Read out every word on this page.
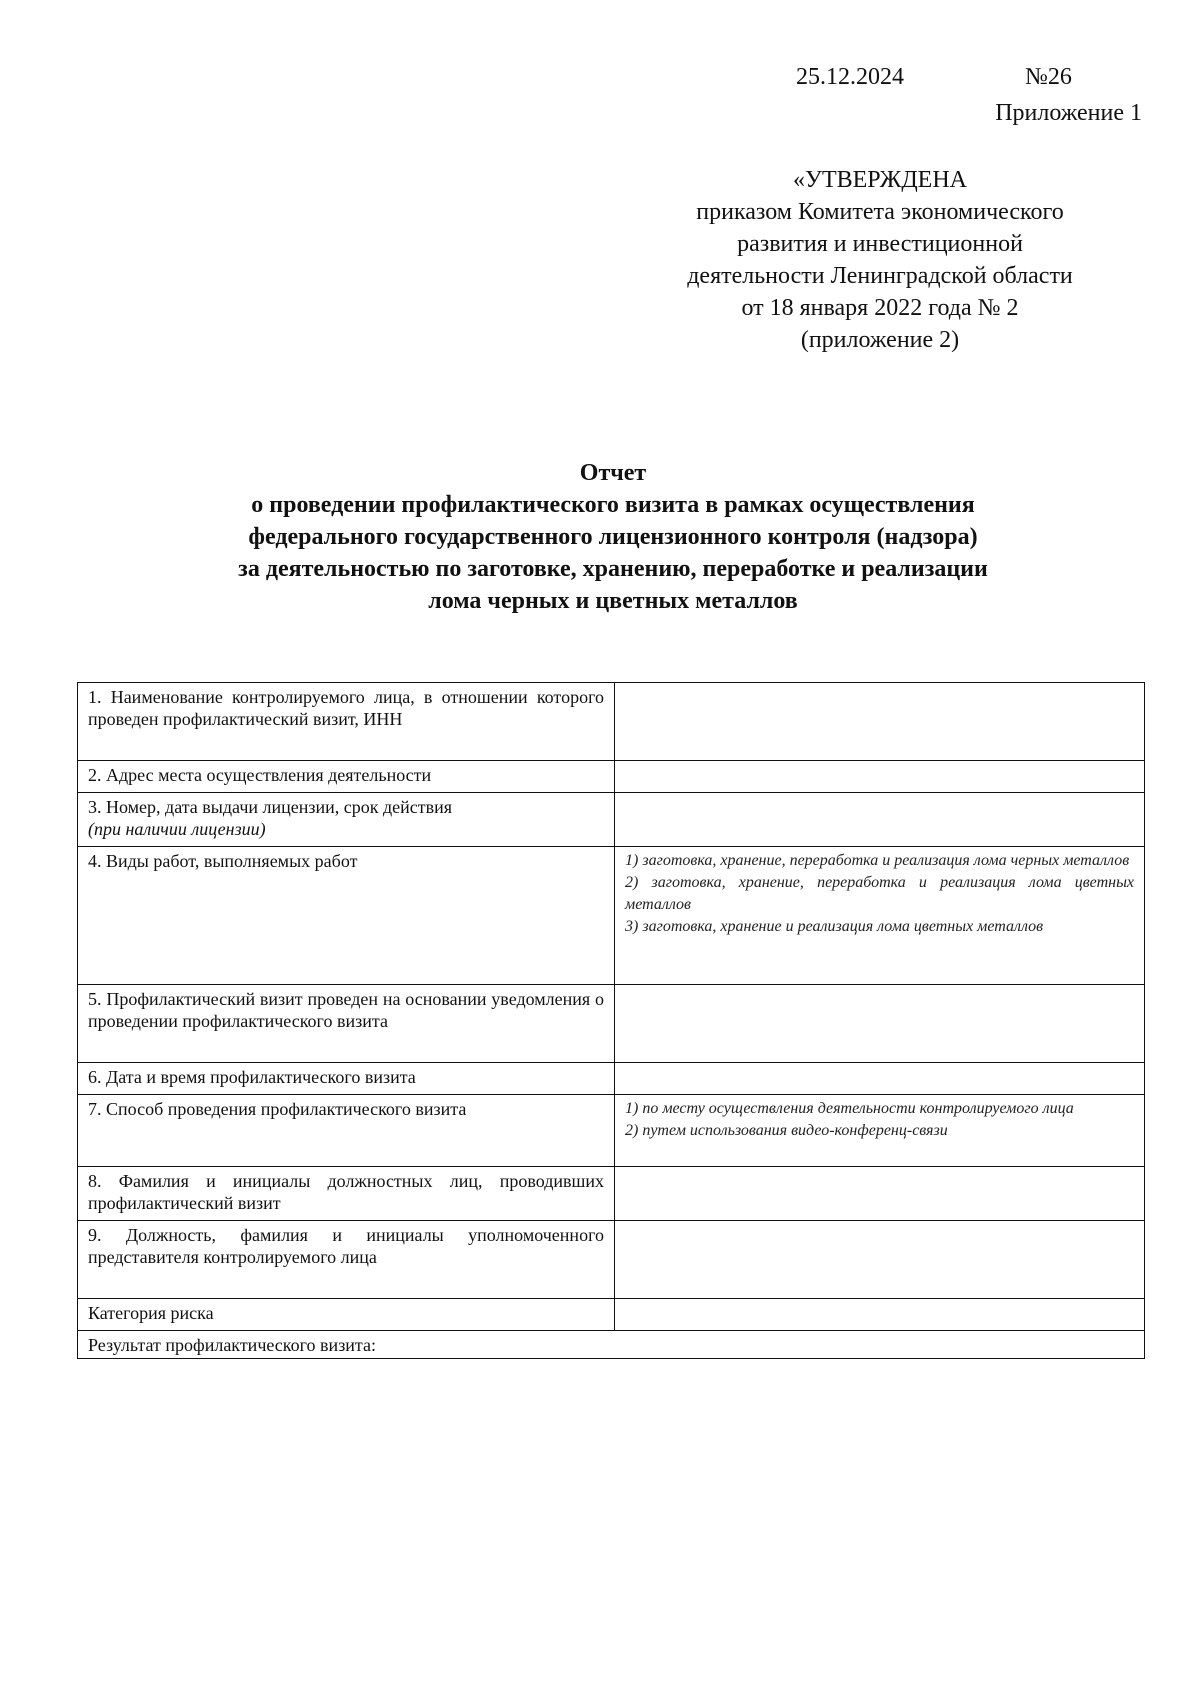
25.12.2024	№26
Приложение 1
«УТВЕРЖДЕНА
приказом Комитета экономического
развития и инвестиционной
деятельности Ленинградской области
от 18 января 2022 года № 2
(приложение 2)
Отчет
о проведении профилактического визита в рамках осуществления
федерального государственного лицензионного контроля (надзора)
за деятельностью по заготовке, хранению, переработке и реализации
лома черных и цветных металлов
1. Наименование контролируемого лица, в отношении которого проведен профилактический визит, ИНН	
2. Адрес места осуществления деятельности	

3. Номер, дата выдачи лицензии, срок действия
(при наличии лицензии)	

4. Виды работ, выполняемых работ	1) заготовка, хранение, переработка и реализация лома черных металлов
2) заготовка, хранение, переработка и реализация лома цветных металлов
3) заготовка, хранение и реализация лома цветных металлов

5. Профилактический визит проведен на основании уведомления о проведении профилактического визита	
6. Дата и время профилактического визита	
7. Способ проведения профилактического визита	1) по месту осуществления деятельности контролируемого лица
2) путем использования видео-конференц-связи

8. Фамилия и инициалы должностных лиц, проводивших профилактический визит	
9. Должность, фамилия и инициалы уполномоченного представителя контролируемого лица	
Категория риска	
Результат профилактического визита:	
